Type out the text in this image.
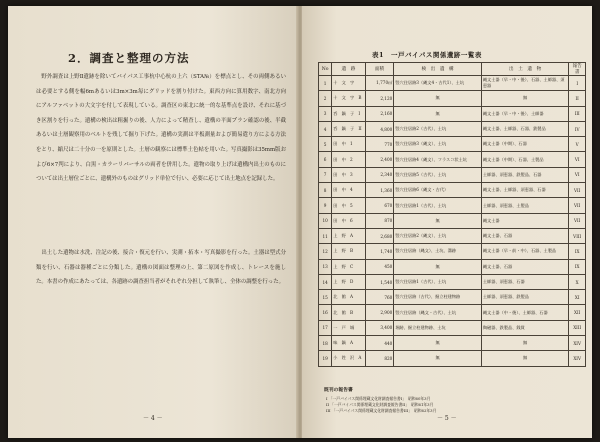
2．調査と整理の方法

野外調査は上野Ⅱ遺跡を除いてバイパス工事杭中心杭の上六（STA№）を標点とし、その両側あるいは必要とする側を幅6mあるいは3m×3m毎にグリッドを割り付けた。東西方向に算用数字、南北方向にアルファベットの大文字を付して表現している。調査区の東北に統一的な基準点を設け、それに基づき区割りを行った。遺構の検出は粗掘りの後、人力によって精査し、遺構の平面プラン確認の後、半截あるいは土層観察用のベルトを残して掘り下げた。遺構の実測は平板測量および簡易遣り方による方法をとり、縮尺は二十分の一を原則とした。土層の観察には標準土色帖を用いた。写真撮影は35mm版および6×7判により、白黒・カラーリバーサルの両者を併用した。遺物の取り上げは遺構内出土のものについては出土層位ごとに、遺構外のものはグリッド単位で行い、必要に応じて出土地点を記録した。

出土した遺物は水洗、注記の後、接合・復元を行い、実測・拓本・写真撮影を行った。土器は型式分類を行い、石器は器種ごとに分類した。遺構の図面は整理の上、第二原図を作成し、トレースを施した。本書の作成にあたっては、各遺跡の調査担当者がそれぞれ分担して執筆し、全体の調整を行った。

－ 4 －
表1　一戸バイパス関係遺跡一覧表
No	遺　跡	面積	検　出　遺　構	出　土　遺　物	報告書
1	十　文　字	1,770㎡	竪穴住居跡3（縄文4・古代1）、土坑	縄文土器（早・中・後）、石器、土師器、須恵器	I
2	十　文　字　B	2,120	無	無	II
3	呑　鍋　子　I	2,160	無	縄文土器（早・中・後）、土師器	III
4	呑　鍋　子　II	4,800	竪穴住居跡2（古代）、土坑	縄文土器、土師器、石器、鉄製品	IV
5	田　中　1	770	竪穴住居跡3（縄文）、土坑	縄文土器（中期）、石器	V
6	田　中　2	2,400	竪穴住居跡4（縄文）、フラスコ状土坑	縄文土器（中期）、石器、土製品	VI
7	田　中　3	2,340	竪穴住居跡5（古代）、土坑	土師器、須恵器、鉄製品、石器	VI
8	田　中　4	1,360	竪穴住居跡6（縄文・古代）	縄文土器、土師器、須恵器、石器	VII
9	田　中　5	670	竪穴住居跡1（古代）、土坑	土師器、須恵器、土製品	VII
10	田　中　6	870	無	縄文土器	VII
11	上　野　A	2,680	竪穴住居跡2（縄文）、土坑	縄文土器、石器	VIII
12	上　野　B	1,740	竪穴住居跡（縄文）、土坑、溝跡	縄文土器（早・前・中）、石器、土製品	IX
13	上　野　C	450	無	縄文土器、石器	IX
14	上　野　D	1,540	竪穴住居跡1（古代）、土坑	土師器、須恵器、石器	X
15	北　館　A	760	竪穴住居跡（古代）、掘立柱建物跡	土師器、須恵器、鉄製品	XI
16	北　館　B	2,900	竪穴住居跡（縄文・古代）、土坑	縄文土器（中・後）、土師器、石器	XII
17	一　戸　城	3,400	堀跡、掘立柱建物跡、土坑	陶磁器、鉄製品、銭貨	XIII
18	味　鍋　A	440	無	無	XIV
19	小　姓　沢　A	820	無	無	XIV
既刊の報告書
I 「一戸バイパス関係埋蔵文化財調査報告書I」　昭和60年3月
II 「一戸バイパス関係埋蔵文化財調査報告書II」　昭和61年3月
III 「一戸バイパス関係埋蔵文化財調査報告書III」　昭和62年3月
－ 5 －
